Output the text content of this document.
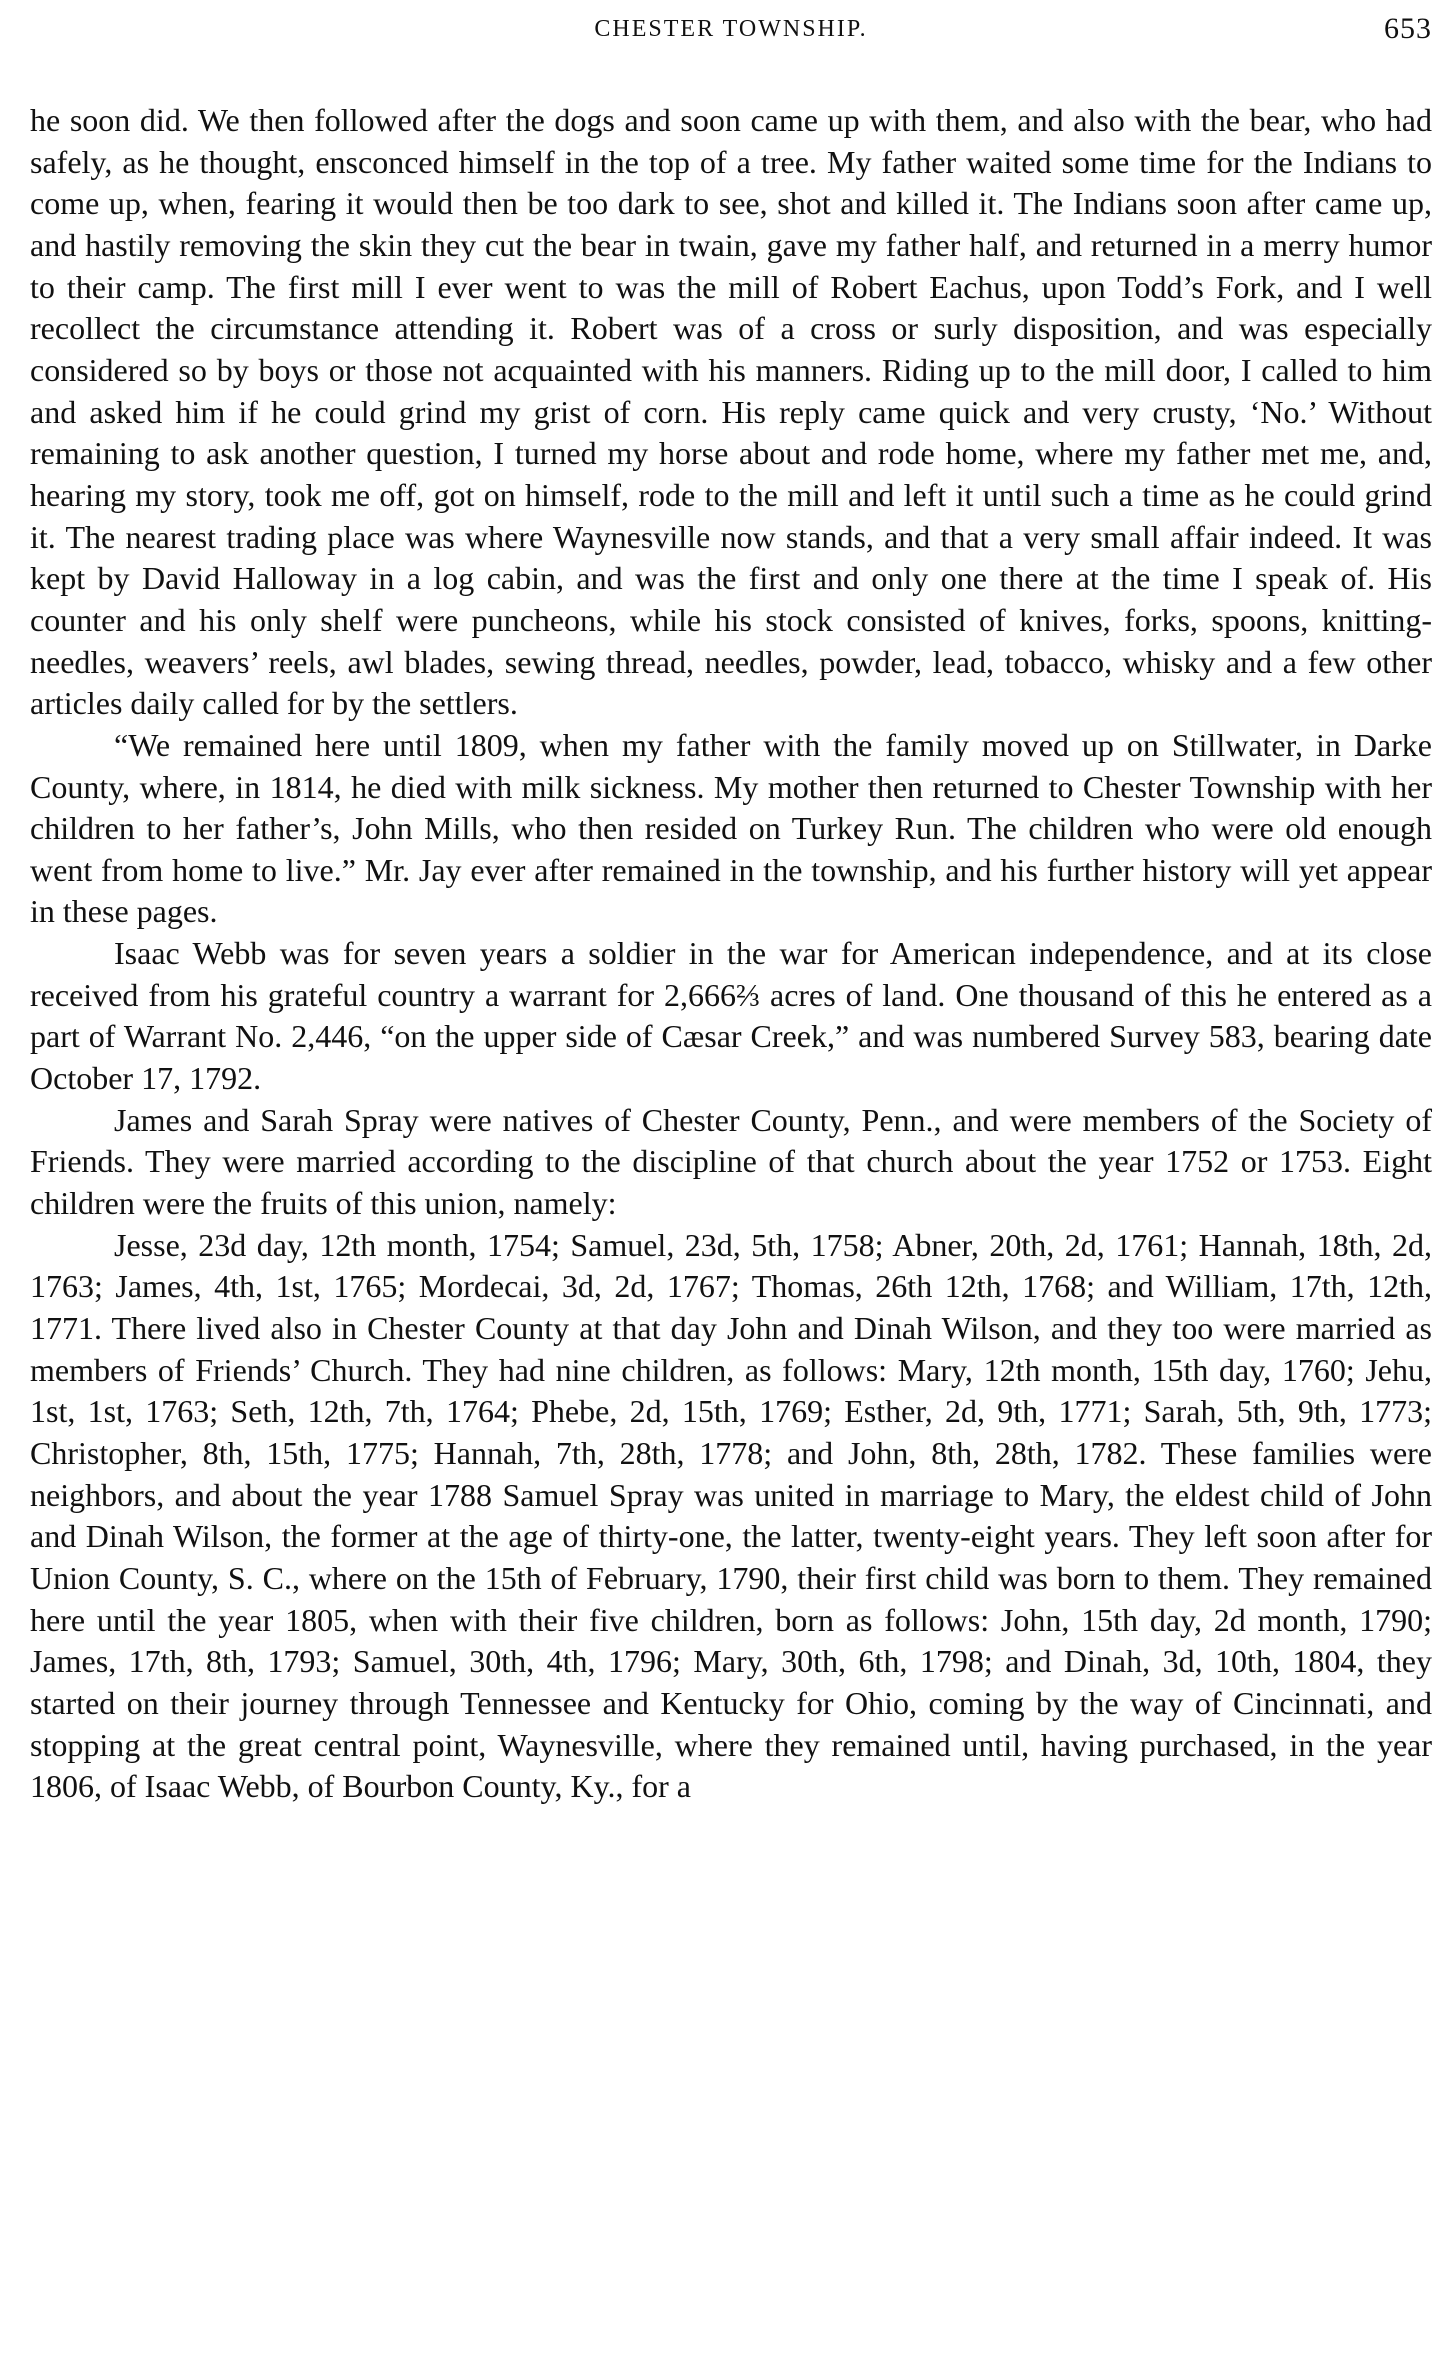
CHESTER TOWNSHIP.	653

he soon did. We then followed after the dogs and soon came up with them, and also with the bear, who had safely, as he thought, ensconced himself in the top of a tree. My father waited some time for the Indians to come up, when, fearing it would then be too dark to see, shot and killed it. The Indians soon after came up, and hastily removing the skin they cut the bear in twain, gave my father half, and returned in a merry humor to their camp. The first mill I ever went to was the mill of Robert Eachus, upon Todd’s Fork, and I well recollect the circumstance attending it. Robert was of a cross or surly disposition, and was especially considered so by boys or those not acquainted with his manners. Riding up to the mill door, I called to him and asked him if he could grind my grist of corn. His reply came quick and very crusty, ‘No.’ Without remaining to ask another question, I turned my horse about and rode home, where my father met me, and, hearing my story, took me off, got on himself, rode to the mill and left it until such a time as he could grind it. The nearest trading place was where Waynesville now stands, and that a very small affair indeed. It was kept by David Halloway in a log cabin, and was the first and only one there at the time I speak of. His counter and his only shelf were puncheons, while his stock consisted of knives, forks, spoons, knitting-needles, weavers’ reels, awl blades, sewing thread, needles, powder, lead, tobacco, whisky and a few other articles daily called for by the settlers.

“We remained here until 1809, when my father with the family moved up on Stillwater, in Darke County, where, in 1814, he died with milk sickness. My mother then returned to Chester Township with her children to her father’s, John Mills, who then resided on Turkey Run. The children who were old enough went from home to live.” Mr. Jay ever after remained in the township, and his further history will yet appear in these pages.

Isaac Webb was for seven years a soldier in the war for American independence, and at its close received from his grateful country a warrant for 2,666⅔ acres of land. One thousand of this he entered as a part of Warrant No. 2,446, “on the upper side of Cæsar Creek,” and was numbered Survey 583, bearing date October 17, 1792.

James and Sarah Spray were natives of Chester County, Penn., and were members of the Society of Friends. They were married according to the discipline of that church about the year 1752 or 1753. Eight children were the fruits of this union, namely:

Jesse, 23d day, 12th month, 1754; Samuel, 23d, 5th, 1758; Abner, 20th, 2d, 1761; Hannah, 18th, 2d, 1763; James, 4th, 1st, 1765; Mordecai, 3d, 2d, 1767; Thomas, 26th 12th, 1768; and William, 17th, 12th, 1771. There lived also in Chester County at that day John and Dinah Wilson, and they too were married as members of Friends’ Church. They had nine children, as follows: Mary, 12th month, 15th day, 1760; Jehu, 1st, 1st, 1763; Seth, 12th, 7th, 1764; Phebe, 2d, 15th, 1769; Esther, 2d, 9th, 1771; Sarah, 5th, 9th, 1773; Christopher, 8th, 15th, 1775; Hannah, 7th, 28th, 1778; and John, 8th, 28th, 1782. These families were neighbors, and about the year 1788 Samuel Spray was united in marriage to Mary, the eldest child of John and Dinah Wilson, the former at the age of thirty-one, the latter, twenty-eight years. They left soon after for Union County, S. C., where on the 15th of February, 1790, their first child was born to them. They remained here until the year 1805, when with their five children, born as follows: John, 15th day, 2d month, 1790; James, 17th, 8th, 1793; Samuel, 30th, 4th, 1796; Mary, 30th, 6th, 1798; and Dinah, 3d, 10th, 1804, they started on their journey through Tennessee and Kentucky for Ohio, coming by the way of Cincinnati, and stopping at the great central point, Waynesville, where they remained until, having purchased, in the year 1806, of Isaac Webb, of Bourbon County, Ky., for a
